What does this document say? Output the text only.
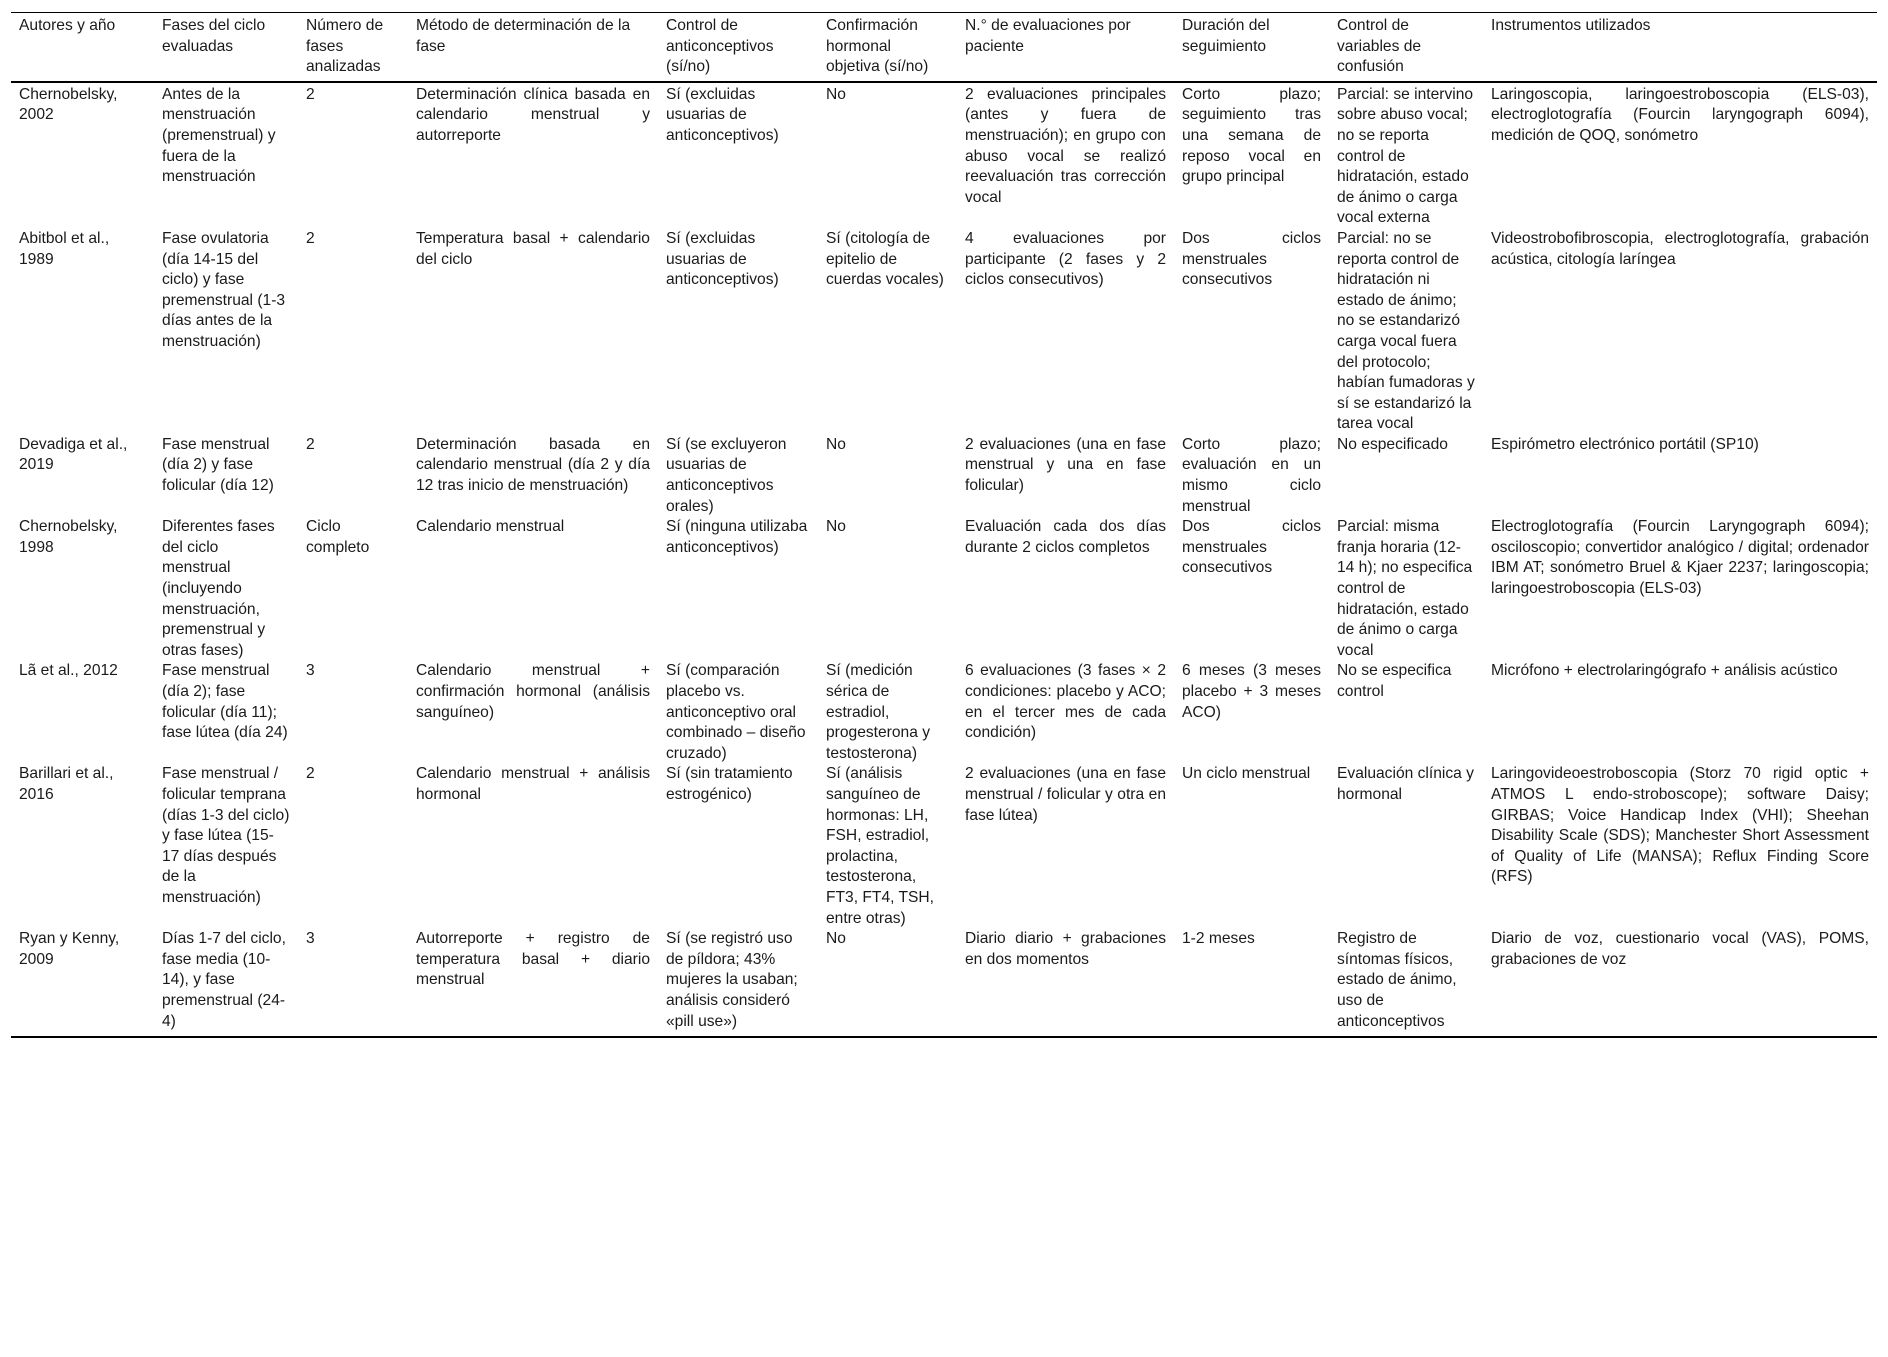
Autores y año	Fases del ciclo evaluadas	Número de fases analizadas	Método de determinación de la fase	Control de anticonceptivos (sí/no)	Confirmación hormonal objetiva (sí/no)	N.° de evaluaciones por paciente	Duración del seguimiento	Control de variables de confusión	Instrumentos utilizados
Chernobelsky, 2002	Antes de la menstruación (premenstrual) y fuera de la menstruación	2	Determinación clínica basada en calendario menstrual y autorreporte	Sí (excluidas usuarias de anticonceptivos)	No	2 evaluaciones principales (antes y fuera de menstruación); en grupo con abuso vocal se realizó reevaluación tras corrección vocal	Corto plazo; seguimiento tras una semana de reposo vocal en grupo principal	Parcial: se intervino sobre abuso vocal; no se reporta control de hidratación, estado de ánimo o carga vocal externa	Laringoscopia, laringoestroboscopia (ELS-03), electroglotografía (Fourcin laryngograph 6094), medición de QOQ, sonómetro
Abitbol et al., 1989	Fase ovulatoria (día 14-15 del ciclo) y fase premenstrual (1-3 días antes de la menstruación)	2	Temperatura basal + calendario del ciclo	Sí (excluidas usuarias de anticonceptivos)	Sí (citología de epitelio de cuerdas vocales)	4 evaluaciones por participante (2 fases y 2 ciclos consecutivos)	Dos ciclos menstruales consecutivos	Parcial: no se reporta control de hidratación ni estado de ánimo; no se estandarizó carga vocal fuera del protocolo; habían fumadoras y sí se estandarizó la tarea vocal	Videostrobofibroscopia, electroglotografía, grabación acústica, citología laríngea
Devadiga et al., 2019	Fase menstrual (día 2) y fase folicular (día 12)	2	Determinación basada en calendario menstrual (día 2 y día 12 tras inicio de menstruación)	Sí (se excluyeron usuarias de anticonceptivos orales)	No	2 evaluaciones (una en fase menstrual y una en fase folicular)	Corto plazo; evaluación en un mismo ciclo menstrual	No especificado	Espirómetro electrónico portátil (SP10)
Chernobelsky, 1998	Diferentes fases del ciclo menstrual (incluyendo menstruación, premenstrual y otras fases)	Ciclo completo	Calendario menstrual	Sí (ninguna utilizaba anticonceptivos)	No	Evaluación cada dos días durante 2 ciclos completos	Dos ciclos menstruales consecutivos	Parcial: misma franja horaria (12-14 h); no especifica control de hidratación, estado de ánimo o carga vocal	Electroglotografía (Fourcin Laryngograph 6094); osciloscopio; convertidor analógico / digital; ordenador IBM AT; sonómetro Bruel & Kjaer 2237; laringoscopia; laringoestroboscopia (ELS-03)
Lã et al., 2012	Fase menstrual (día 2); fase folicular (día 11); fase lútea (día 24)	3	Calendario menstrual + confirmación hormonal (análisis sanguíneo)	Sí (comparación placebo vs. anticonceptivo oral combinado – diseño cruzado)	Sí (medición sérica de estradiol, progesterona y testosterona)	6 evaluaciones (3 fases × 2 condiciones: placebo y ACO; en el tercer mes de cada condición)	6 meses (3 meses placebo + 3 meses ACO)	No se especifica control	Micrófono + electrolaringógrafo + análisis acústico
Barillari et al., 2016	Fase menstrual / folicular temprana (días 1-3 del ciclo) y fase lútea (15-17 días después de la menstruación)	2	Calendario menstrual + análisis hormonal	Sí (sin tratamiento estrogénico)	Sí (análisis sanguíneo de hormonas: LH, FSH, estradiol, prolactina, testosterona, FT3, FT4, TSH, entre otras)	2 evaluaciones (una en fase menstrual / folicular y otra en fase lútea)	Un ciclo menstrual	Evaluación clínica y hormonal	Laringovideoestroboscopia (Storz 70 rigid optic + ATMOS L endo-stroboscope); software Daisy; GIRBAS; Voice Handicap Index (VHI); Sheehan Disability Scale (SDS); Manchester Short Assessment of Quality of Life (MANSA); Reflux Finding Score (RFS)
Ryan y Kenny, 2009	Días 1-7 del ciclo, fase media (10-14), y fase premenstrual (24-4)	3	Autorreporte + registro de temperatura basal + diario menstrual	Sí (se registró uso de píldora; 43% mujeres la usaban; análisis consideró «pill use»)	No	Diario diario + grabaciones en dos momentos	1-2 meses	Registro de síntomas físicos, estado de ánimo, uso de anticonceptivos	Diario de voz, cuestionario vocal (VAS), POMS, grabaciones de voz
